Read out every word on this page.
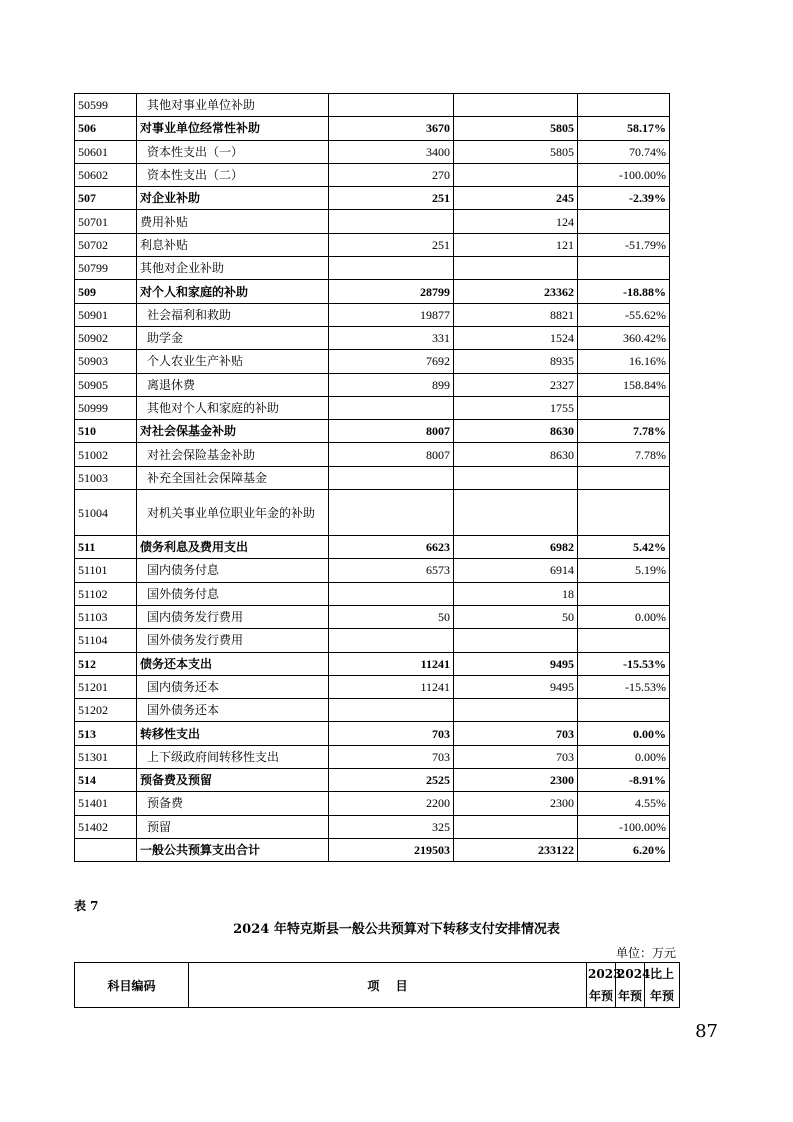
50599	其他对事业单位补助			
506	对事业单位经常性补助	3670	5805	58.17%
50601	资本性支出（一）	3400	5805	70.74%
50602	资本性支出（二）	270		-100.00%
507	对企业补助	251	245	-2.39%
50701	费用补贴		124	
50702	利息补贴	251	121	-51.79%
50799	其他对企业补助			
509	对个人和家庭的补助	28799	23362	-18.88%
50901	社会福利和救助	19877	8821	-55.62%
50902	助学金	331	1524	360.42%
50903	个人农业生产补贴	7692	8935	16.16%
50905	离退休费	899	2327	158.84%
50999	其他对个人和家庭的补助		1755	
510	对社会保基金补助	8007	8630	7.78%
51002	对社会保险基金补助	8007	8630	7.78%
51003	补充全国社会保障基金			
51004	对机关事业单位职业年金的补助			
511	债务利息及费用支出	6623	6982	5.42%
51101	国内债务付息	6573	6914	5.19%
51102	国外债务付息		18	
51103	国内债务发行费用	50	50	0.00%
51104	国外债务发行费用			
512	债务还本支出	11241	9495	-15.53%
51201	国内债务还本	11241	9495	-15.53%
51202	国外债务还本			
513	转移性支出	703	703	0.00%
51301	上下级政府间转移性支出	703	703	0.00%
514	预备费及预留	2525	2300	-8.91%
51401	预备费	2200	2300	4.55%
51402	预留	325		-100.00%
	一般公共预算支出合计	219503	233122	6.20%
表 7
2024 年特克斯县一般公共预算对下转移支付安排情况表
单位：万元
科目编码	项　 目	2023年预	2024年预	比上年预
87
